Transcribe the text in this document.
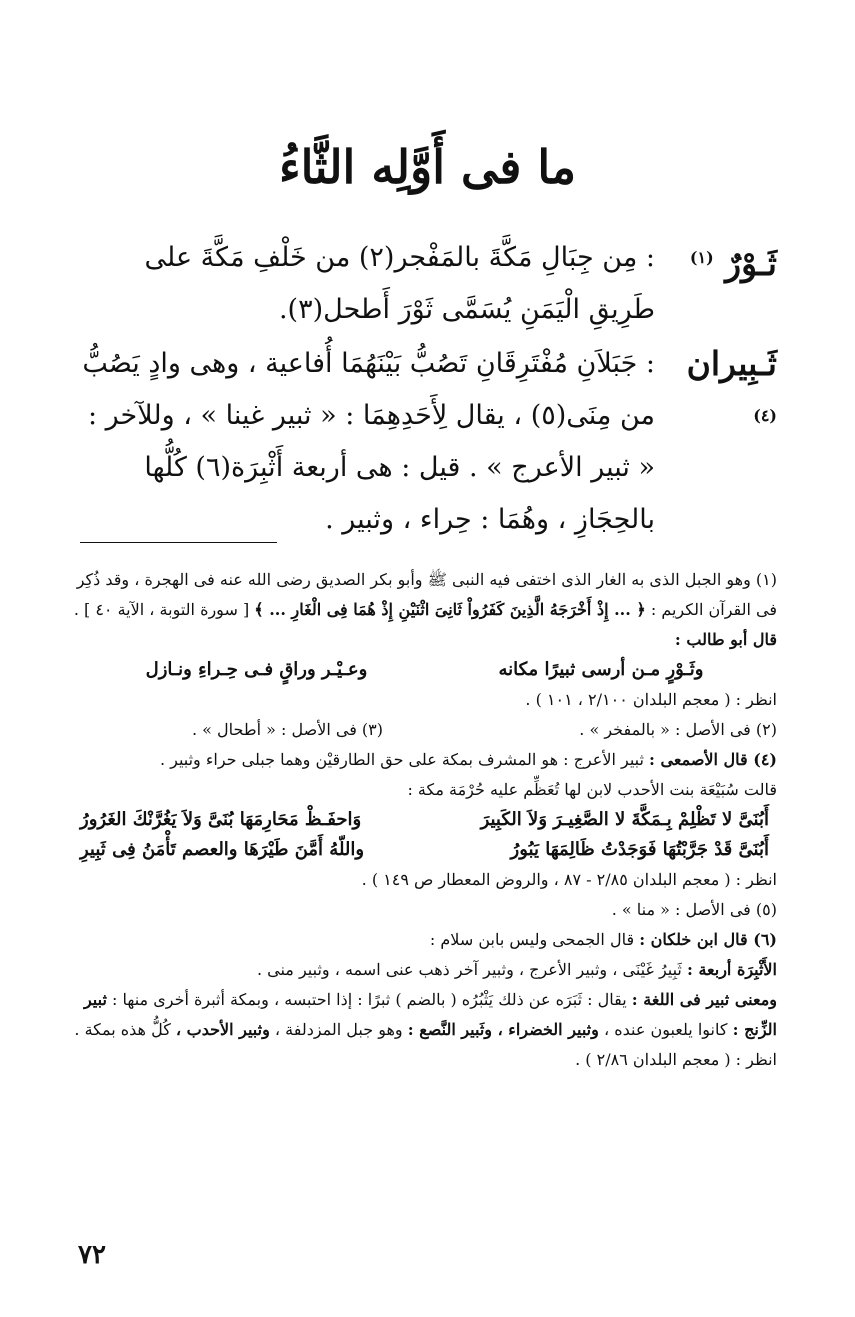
ما فى أَوَّلِه الثَّاءُ
ثَـوْرٌ $^{(١)}$
: مِن جِبَالِ مَكَّةَ بالمَفْجر(٢) من خَلْفِ مَكَّةَ على طَرِيقِ الْيَمَنِ يُسَمَّى ثَوْرَ أَطحل(٣).
ثَـبِيران $^{(٤)}$
: جَبَلاَنِ مُفْتَرِقَانِ تَصُبُّ بَيْنَهُمَا أُفاعية ، وهى وادٍ يَصُبُّ من مِنَى(٥) ، يقال لِأَحَدِهِمَا : « ثبير غينا » ، وللآخر : « ثبير الأعرج » . قيل : هى أربعة أَثْبِرَة(٦) كُلُّها بالحِجَازِ ، وهُمَا : حِراء ، وثبير .

(١) وهو الجبل الذى به الغار الذى اختفى فيه النبى ﷺ وأبو بكر الصديق رضى الله عنه فى الهجرة ، وقد ذُكِر فى القرآن الكريم : ﴿ ... إِذْ أَخْرَجَهُ الَّذِينَ كَفَرُواْ ثَانِىَ اثْنَيْنِ إِذْ هُمَا فِى الْغَارِ ... ﴾ [ سورة التوبة ، الآية ٤٠ ] .

قال أبو طالب :

وثَـوْرٍ مـن أرسى ثبيرًا مكانه
وعـيْـر وراقٍ فـى حِـراءِ ونـازل

انظر : ( معجم البلدان ٢/١٠٠ ، ١٠١ ) .

(٢) فى الأصل : « بالمفخر » .
(٣) فى الأصل : « أطحال » .

(٤) قال الأصمعى : ثبير الأعرج : هو المشرف بمكة على حق الطارقيْن وهما جبلى حراء وثبير .

قالت سُبَيْعَة بنت الأحدب لابن لها تُعَظِّم عليه حُرْمَة مكة :

أَبُنَىَّ لا تَظْلِمْ بِـمَكَّةَ لا الصَّغِيـرَ وَلاَ الكَبِيرَ
وَاحفَـظْ مَحَارِمَهَا بُنَىَّ وَلاَ يَغُرَّنْكَ الغَرُورُ
أَبُنَىَّ قَدْ جَرَّبْتُهَا فَوَجَدْتُ ظَالِمَهَا يَبُورُ
واللّهُ أَمَّنَ طَيْرَهَا والعصم تَأْمَنُ فِى ثَبِيرِ

انظر : ( معجم البلدان ٢/٨٥ - ٨٧ ، والروض المعطار ص ١٤٩ ) .

(٥) فى الأصل : « منا » .

(٦) قال ابن خلكان : قال الجمحى وليس بابن سلام :

الأَثْبِرَة أربعة : ثَبِيرُ غَيْنَى ، وثبير الأعرج ، وثبير آخر ذهب عنى اسمه ، وثبير منى .

ومعنى ثبير فى اللغة : يقال : ثَبَرَه عن ذلك يَثْبُرُه ( بالضم ) ثبرًا : إذا احتبسه ، وبمكة أثبرة أخرى منها : ثبير الزِّنج : كانوا يلعبون عنده ، وثبير الخضراء ، وثَبير النَّصع : وهو جبل المزدلفة ، وثبير الأحدب ، كُلُّ هذه بمكة . انظر : ( معجم البلدان ٢/٨٦ ) .

٧٢
